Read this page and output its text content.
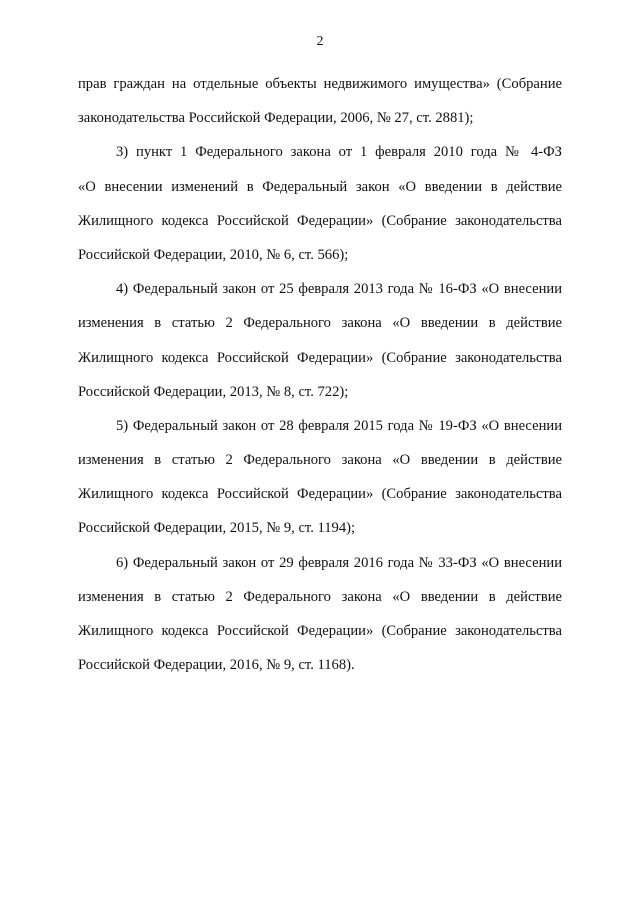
2
прав граждан на отдельные объекты недвижимого имущества» (Собрание
законодательства Российской Федерации, 2006, № 27, ст. 2881);
3) пункт 1 Федерального закона от 1 февраля 2010 года № 4-ФЗ
«О внесении изменений в Федеральный закон «О введении в действие
Жилищного кодекса Российской Федерации» (Собрание законодательства
Российской Федерации, 2010, № 6, ст. 566);
4) Федеральный закон от 25 февраля 2013 года № 16-ФЗ «О внесении
изменения в статью 2 Федерального закона «О введении в действие
Жилищного кодекса Российской Федерации» (Собрание законодательства
Российской Федерации, 2013, № 8, ст. 722);
5) Федеральный закон от 28 февраля 2015 года № 19-ФЗ «О внесении
изменения в статью 2 Федерального закона «О введении в действие
Жилищного кодекса Российской Федерации» (Собрание законодательства
Российской Федерации, 2015, № 9, ст. 1194);
6) Федеральный закон от 29 февраля 2016 года № 33-ФЗ «О внесении
изменения в статью 2 Федерального закона «О введении в действие
Жилищного кодекса Российской Федерации» (Собрание законодательства
Российской Федерации, 2016, № 9, ст. 1168).
